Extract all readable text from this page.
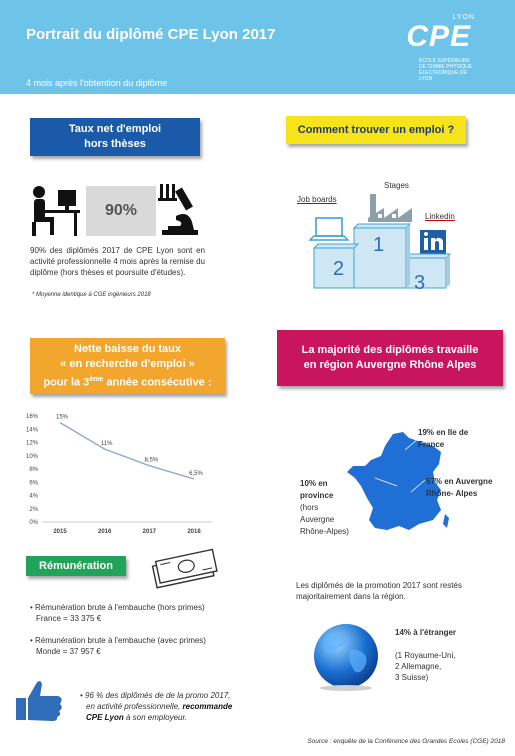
Portrait du diplômé CPE Lyon 2017
4 mois après l'obtention du diplôme
LYON
CPE
ÉCOLE SUPÉRIEURE DE CHIMIE PHYSIQUE ÉLECTRONIQUE DE LYON
Taux net d'emploi
hors thèses
90%
90% des diplômés 2017 de CPE Lyon sont en activité professionnelle 4 mois après la remise du diplôme (hors thèses et poursuite d'études).
* Moyenne identique à CGE ingénieurs 2018
Comment trouver un emploi ?
Stages
Job boards
Linkedin
1
2
3
Nette baisse du taux
« en recherche d'emploi »
pour la 3ème année consécutive :
0%
2%
4%
6%
8%
10%
12%
14%
16%
2015	2016	2017	2018
15%
11%
8,5%
6,5%
La majorité des diplômés travaille
en région Auvergne Rhône Alpes
19% en Ile de France
57% en Auvergne Rhône- Alpes
10% en province
(hors Auvergne Rhône-Alpes)
Les diplômés de la promotion 2017 sont restés majoritairement dans la région.
Rémunération
• Rémunération brute à l'embauche (hors primes)
France = 33 375 €
• Rémunération brute à l'embauche (avec primes)
Monde = 37 957 €
14% à l'étranger
(1 Royaume-Uni,
2 Allemagne,
3 Suisse)
• 96 % des diplômés de de la promo 2017,
en activité professionnelle, recommande
CPE Lyon à son employeur.
Source : enquête de la Conférence des Grandes Ecoles (CGE) 2018
